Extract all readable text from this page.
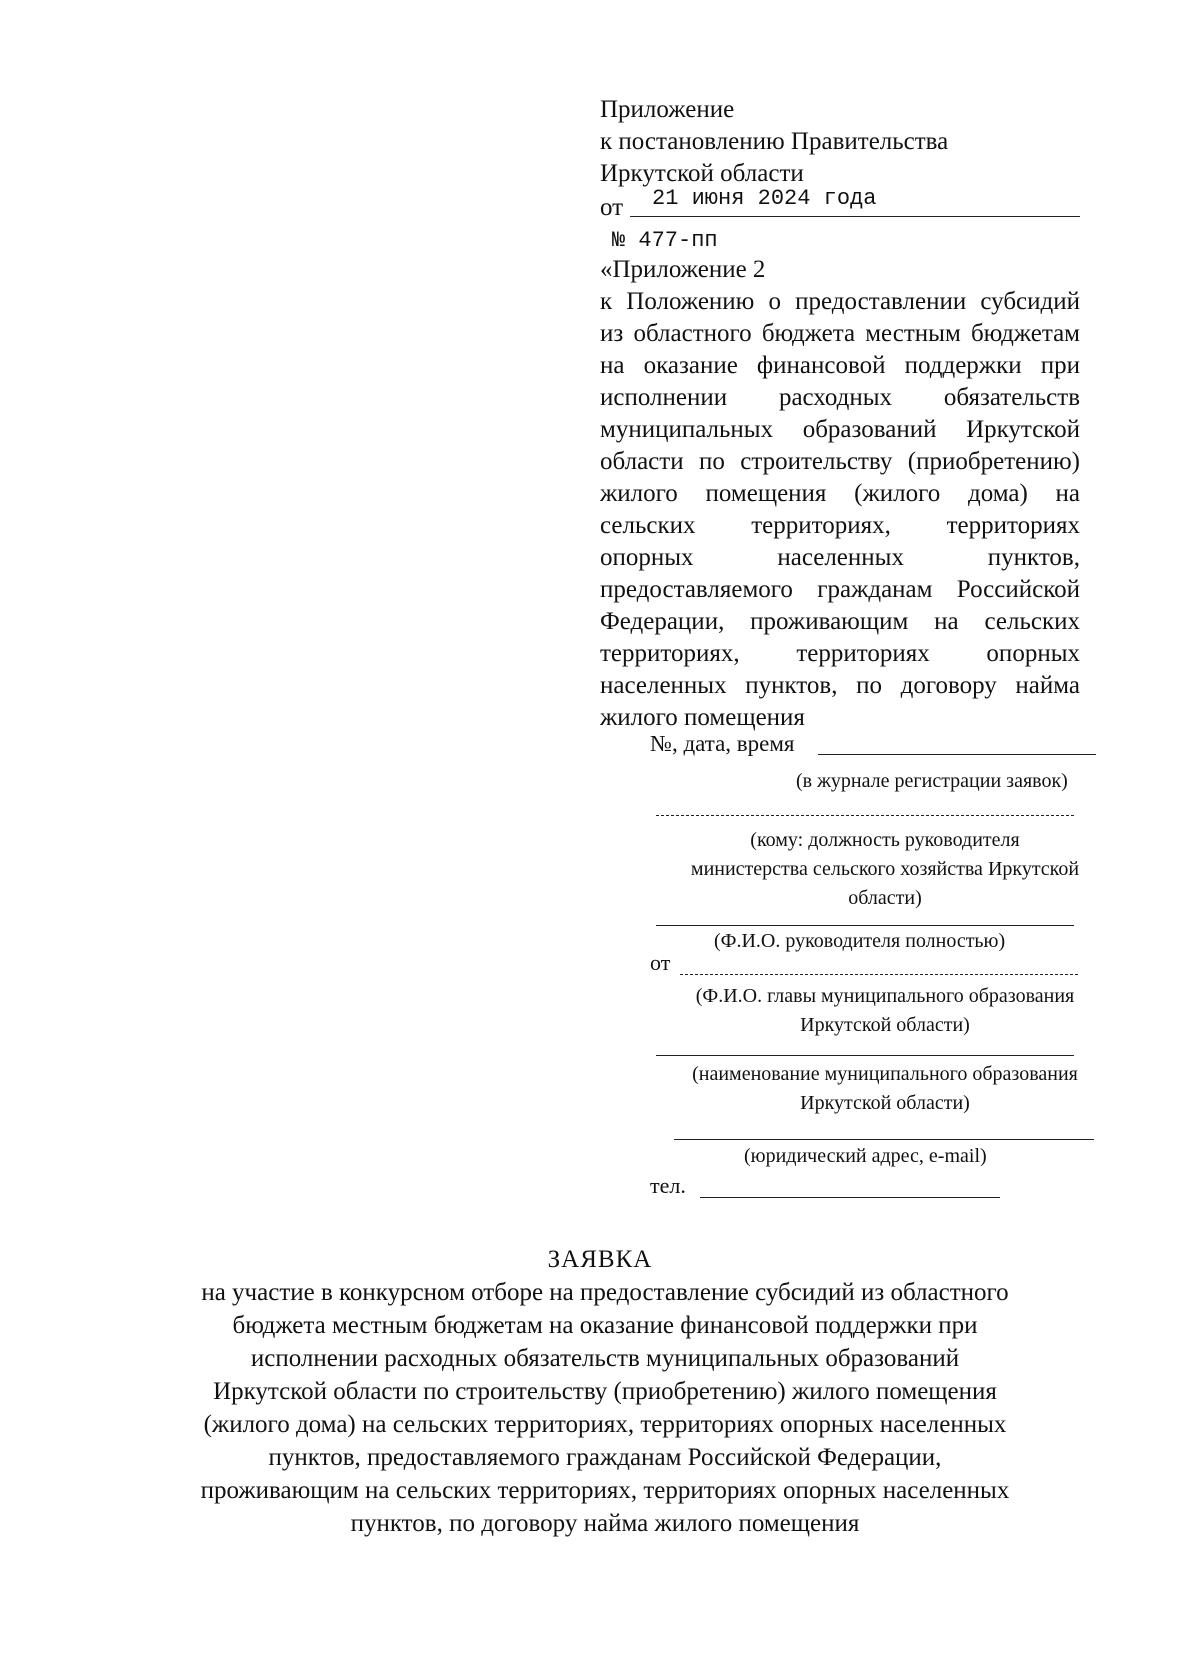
Приложение
к постановлению Правительства
Иркутской области
от 21 июня 2024 года
№ 477-пп
«Приложение 2
к Положению о предоставлении субсидий
из областного бюджета местным бюджетам
на оказание финансовой поддержки при
исполнении расходных обязательств
муниципальных образований Иркутской
области по строительству (приобретению)
жилого помещения (жилого дома) на
сельских территориях, территориях
опорных населенных пунктов,
предоставляемого гражданам Российской
Федерации, проживающим на сельских
территориях, территориях опорных
населенных пунктов, по договору найма
жилого помещения
№, дата, время
(в журнале регистрации заявок)
(кому: должность руководителя
министерства сельского хозяйства Иркутской
области)
(Ф.И.О. руководителя полностью)
от
(Ф.И.О. главы муниципального образования
Иркутской области)
(наименование муниципального образования
Иркутской области)
(юридический адрес, e-mail)
тел.
ЗАЯВКА
на участие в конкурсном отборе на предоставление субсидий из областного
бюджета местным бюджетам на оказание финансовой поддержки при
исполнении расходных обязательств муниципальных образований
Иркутской области по строительству (приобретению) жилого помещения
(жилого дома) на сельских территориях, территориях опорных населенных
пунктов, предоставляемого гражданам Российской Федерации,
проживающим на сельских территориях, территориях опорных населенных
пунктов, по договору найма жилого помещения
